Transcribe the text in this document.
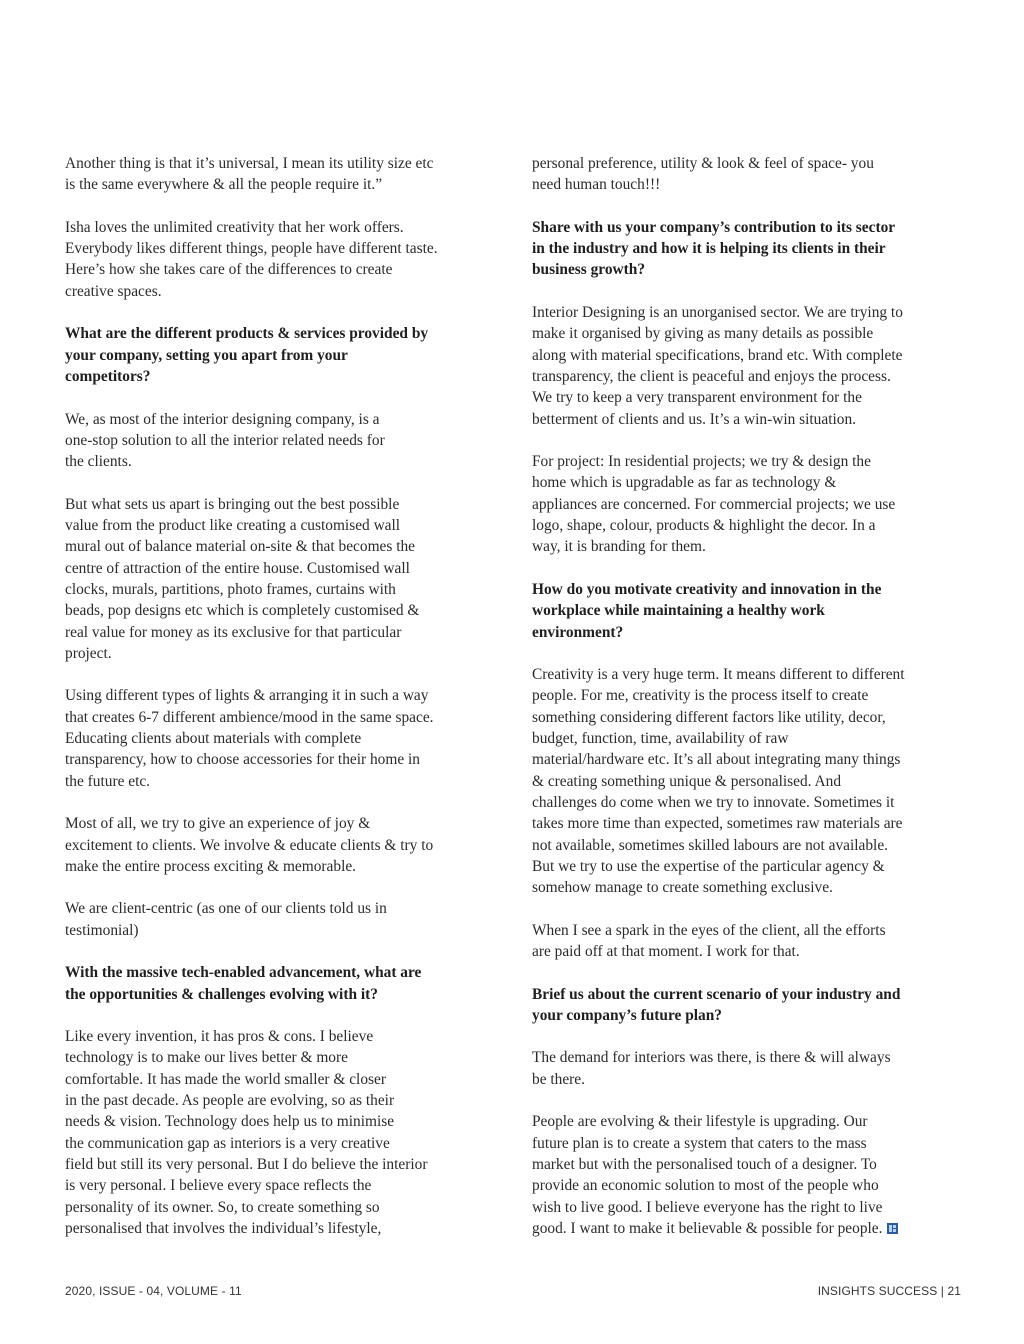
Another thing is that it’s universal, I mean its utility size etc
is the same everywhere & all the people require it.”

Isha loves the unlimited creativity that her work offers.
Everybody likes different things, people have different taste.
Here’s how she takes care of the differences to create
creative spaces.

What are the different products & services provided by
your company, setting you apart from your
competitors?

We, as most of the interior designing company, is a
one-stop solution to all the interior related needs for
the clients.

But what sets us apart is bringing out the best possible
value from the product like creating a customised wall
mural out of balance material on-site & that becomes the
centre of attraction of the entire house. Customised wall
clocks, murals, partitions, photo frames, curtains with
beads, pop designs etc which is completely customised &
real value for money as its exclusive for that particular
project.

Using different types of lights & arranging it in such a way
that creates 6-7 different ambience/mood in the same space.
Educating clients about materials with complete
transparency, how to choose accessories for their home in
the future etc.

Most of all, we try to give an experience of joy &
excitement to clients. We involve & educate clients & try to
make the entire process exciting & memorable.

We are client-centric (as one of our clients told us in
testimonial)

With the massive tech-enabled advancement, what are
the opportunities & challenges evolving with it?

Like every invention, it has pros & cons. I believe
technology is to make our lives better & more
comfortable. It has made the world smaller & closer
in the past decade. As people are evolving, so as their
needs & vision. Technology does help us to minimise
the communication gap as interiors is a very creative
field but still its very personal. But I do believe the interior
is very personal. I believe every space reflects the
personality of its owner. So, to create something so
personalised that involves the individual’s lifestyle,

personal preference, utility & look & feel of space- you
need human touch!!!

Share with us your company’s contribution to its sector
in the industry and how it is helping its clients in their
business growth?

Interior Designing is an unorganised sector. We are trying to
make it organised by giving as many details as possible
along with material specifications, brand etc. With complete
transparency, the client is peaceful and enjoys the process.
We try to keep a very transparent environment for the
betterment of clients and us. It’s a win-win situation.

For project: In residential projects; we try & design the
home which is upgradable as far as technology &
appliances are concerned. For commercial projects; we use
logo, shape, colour, products & highlight the decor. In a
way, it is branding for them.

How do you motivate creativity and innovation in the
workplace while maintaining a healthy work
environment?

Creativity is a very huge term. It means different to different
people. For me, creativity is the process itself to create
something considering different factors like utility, decor,
budget, function, time, availability of raw
material/hardware etc. It’s all about integrating many things
& creating something unique & personalised. And
challenges do come when we try to innovate. Sometimes it
takes more time than expected, sometimes raw materials are
not available, sometimes skilled labours are not available.
But we try to use the expertise of the particular agency &
somehow manage to create something exclusive.

When I see a spark in the eyes of the client, all the efforts
are paid off at that moment. I work for that.

Brief us about the current scenario of your industry and
your company’s future plan?

The demand for interiors was there, is there & will always
be there.

People are evolving & their lifestyle is upgrading. Our
future plan is to create a system that caters to the mass
market but with the personalised touch of a designer. To
provide an economic solution to most of the people who
wish to live good. I believe everyone has the right to live
good. I want to make it believable & possible for people.

2020, ISSUE - 04, VOLUME - 11	INSIGHTS SUCCESS | 21
